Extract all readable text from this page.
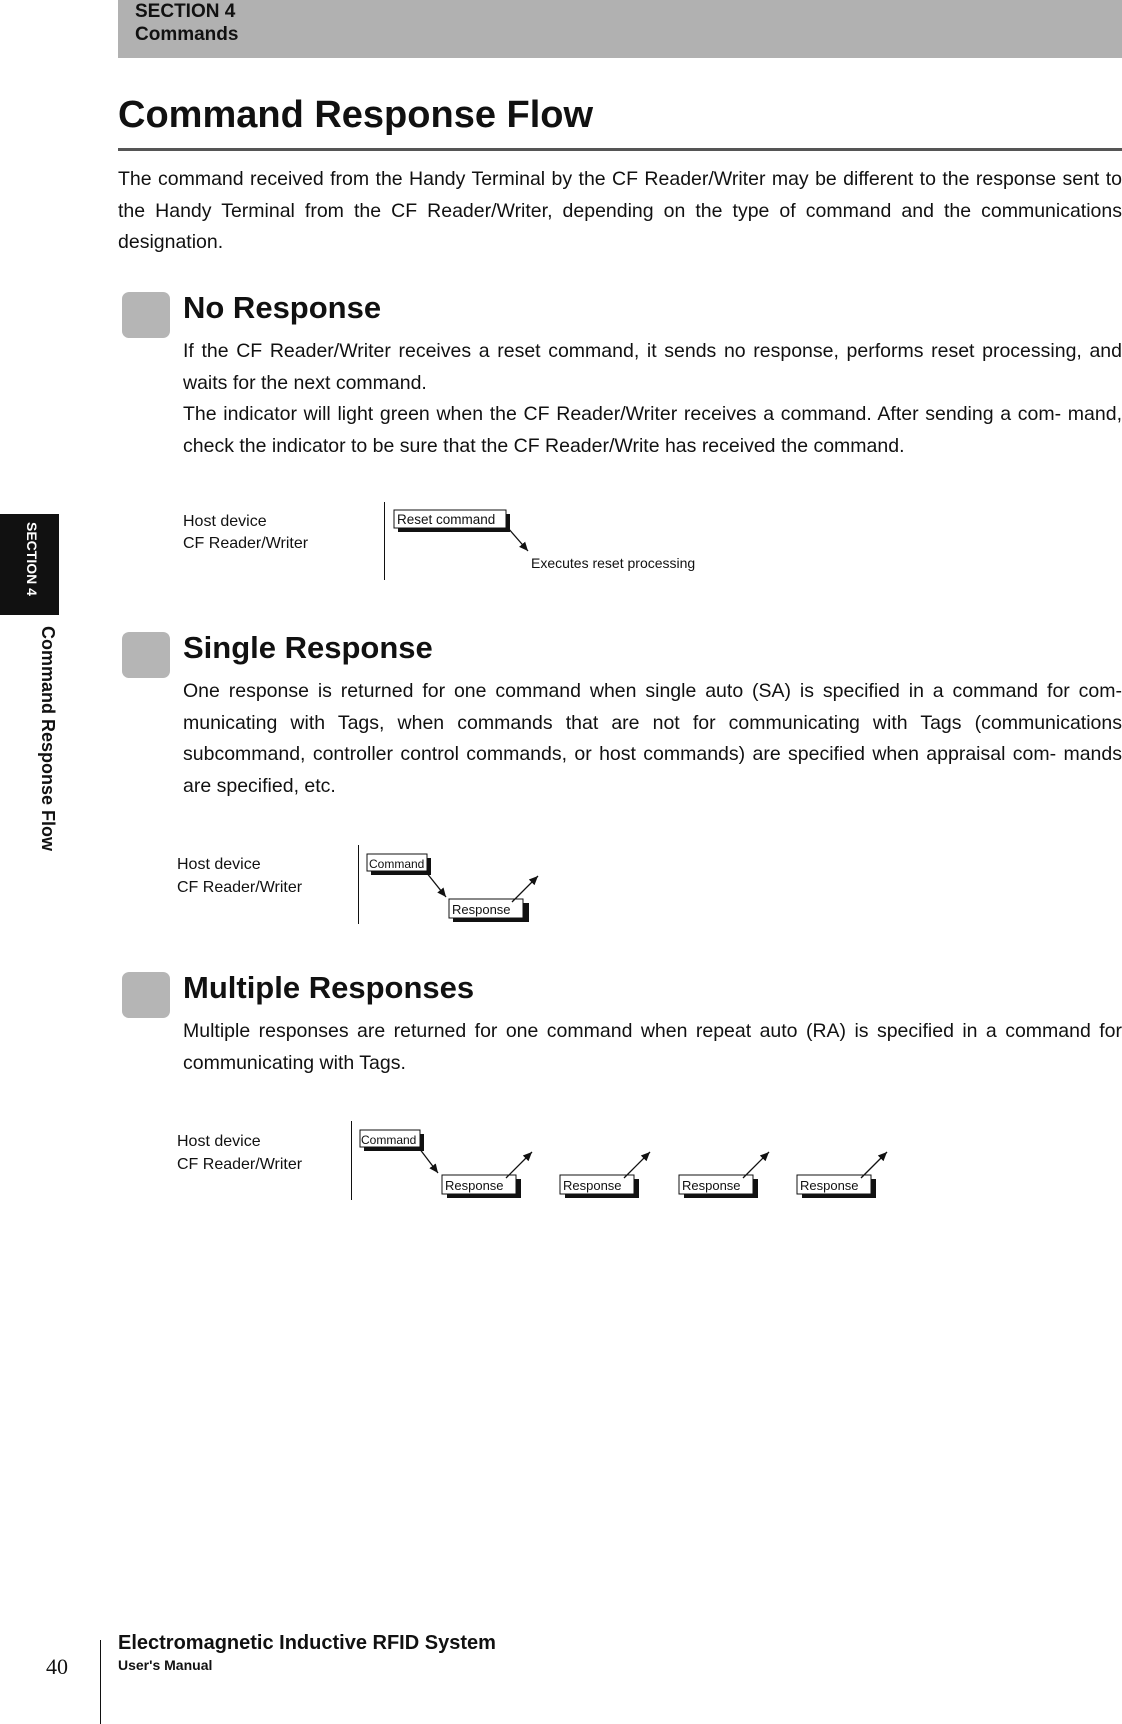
SECTION 4
Commands
SECTION 4
Command Response Flow
Command Response Flow

The command received from the Handy Terminal by the CF Reader/Writer may be different to the response sent to the Handy Terminal from the CF Reader/Writer, depending on the type of command and the communications designation.

No Response

If the CF Reader/Writer receives a reset command, it sends no response, performs reset processing, and waits for the next command.

The indicator will light green when the CF Reader/Writer receives a command. After sending a com- mand, check the indicator to be sure that the CF Reader/Write has received the command.

Single Response

One response is returned for one command when single auto (SA) is specified in a command for com- municating with Tags, when commands that are not for communicating with Tags (communications subcommand, controller control commands, or host commands) are specified when appraisal com- mands are specified, etc.

Multiple Responses

Multiple responses are returned for one command when repeat auto (RA) is specified in a command for communicating with Tags.

Host device
CF Reader/Writer
Reset command
Executes reset processing
Host device
CF Reader/Writer
Command
Response
Host device
CF Reader/Writer
Command
Response	Response	Response	Response
40
Electromagnetic Inductive RFID System
User's Manual
